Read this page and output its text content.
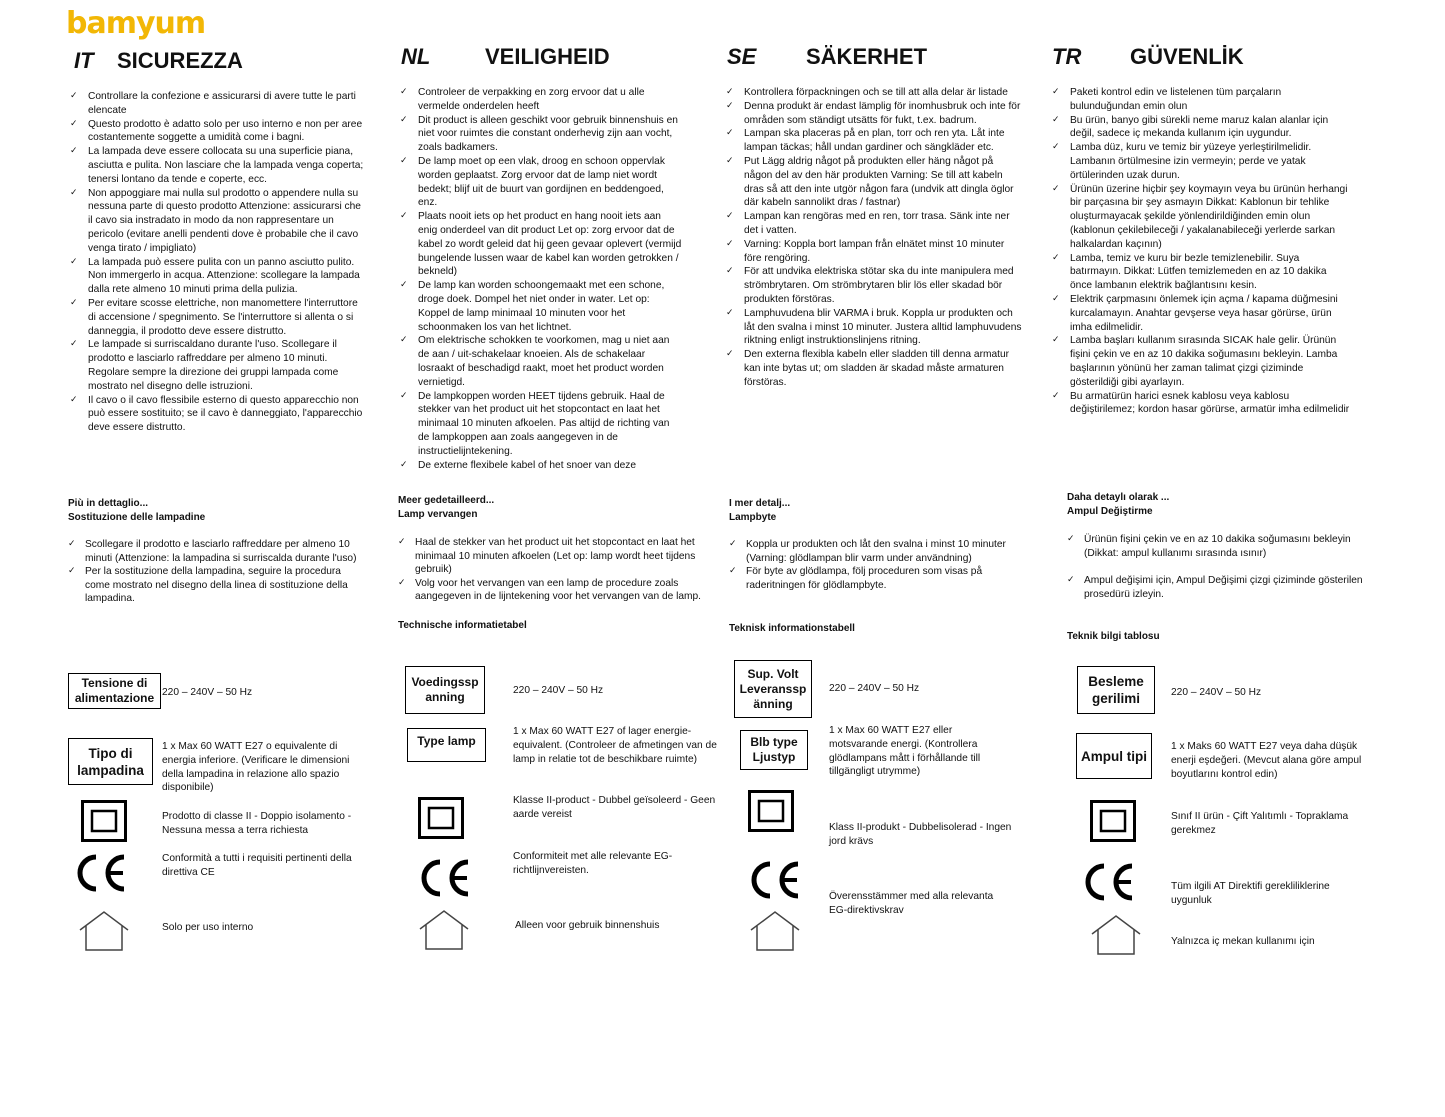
bamyum
IT SICUREZZA
✓ Controllare la confezione e assicurarsi di avere tutte le parti elencate
✓ Questo prodotto è adatto solo per uso interno e non per aree costantemente soggette a umidità come i bagni.
✓ La lampada deve essere collocata su una superficie piana, asciutta e pulita. Non lasciare che la lampada venga coperta; tenersi lontano da tende e coperte, ecc.
✓ Non appoggiare mai nulla sul prodotto o appendere nulla su nessuna parte di questo prodotto Attenzione: assicurarsi che il cavo sia instradato in modo da non rappresentare un pericolo (evitare anelli pendenti dove è probabile che il cavo venga tirato / impigliato)
✓ La lampada può essere pulita con un panno asciutto pulito. Non immergerlo in acqua. Attenzione: scollegare la lampada dalla rete almeno 10 minuti prima della pulizia.
✓ Per evitare scosse elettriche, non manomettere l'interruttore di accensione / spegnimento. Se l'interruttore si allenta o si danneggia, il prodotto deve essere distrutto.
✓ Le lampade si surriscaldano durante l'uso. Scollegare il prodotto e lasciarlo raffreddare per almeno 10 minuti. Regolare sempre la direzione dei gruppi lampada come mostrato nel disegno delle istruzioni.
✓ Il cavo o il cavo flessibile esterno di questo apparecchio non può essere sostituito; se il cavo è danneggiato, l'apparecchio deve essere distrutto.
Più in dettaglio...
Sostituzione delle lampadine
✓ Scollegare il prodotto e lasciarlo raffreddare per almeno 10 minuti (Attenzione: la lampadina si surriscalda durante l'uso)
✓ Per la sostituzione della lampadina, seguire la procedura come mostrato nel disegno della linea di sostituzione della lampadina.
Tensione di alimentazione 220 – 240V – 50 Hz
Tipo di lampadina
1 x Max 60 WATT E27 o equivalente di energia inferiore. (Verificare le dimensioni della lampadina in relazione allo spazio disponibile)
Prodotto di classe II - Doppio isolamento - Nessuna messa a terra richiesta
Conformità a tutti i requisiti pertinenti della direttiva CE
Solo per uso interno
NL VEILIGHEID
✓ Controleer de verpakking en zorg ervoor dat u alle vermelde onderdelen heeft
✓ Dit product is alleen geschikt voor gebruik binnenshuis en niet voor ruimtes die constant onderhevig zijn aan vocht, zoals badkamers.
✓ De lamp moet op een vlak, droog en schoon oppervlak worden geplaatst. Zorg ervoor dat de lamp niet wordt bedekt; blijf uit de buurt van gordijnen en beddengoed, enz.
✓ Plaats nooit iets op het product en hang nooit iets aan enig onderdeel van dit product Let op: zorg ervoor dat de kabel zo wordt geleid dat hij geen gevaar oplevert (vermijd bungelende lussen waar de kabel kan worden getrokken / bekneld)
✓ De lamp kan worden schoongemaakt met een schone, droge doek. Dompel het niet onder in water. Let op: Koppel de lamp minimaal 10 minuten voor het schoonmaken los van het lichtnet.
✓ Om elektrische schokken te voorkomen, mag u niet aan de aan / uit-schakelaar knoeien. Als de schakelaar losraakt of beschadigd raakt, moet het product worden vernietigd.
✓ De lampkoppen worden HEET tijdens gebruik. Haal de stekker van het product uit het stopcontact en laat het minimaal 10 minuten afkoelen. Pas altijd de richting van de lampkoppen aan zoals aangegeven in de instructielijntekening.
✓ De externe flexibele kabel of het snoer van deze
Meer gedetailleerd...
Lamp vervangen
✓ Haal de stekker van het product uit het stopcontact en laat het minimaal 10 minuten afkoelen (Let op: lamp wordt heet tijdens gebruik)
✓ Volg voor het vervangen van een lamp de procedure zoals aangegeven in de lijntekening voor het vervangen van de lamp.
Technische informatietabel
Voedingssp anning	220 – 240V – 50 Hz
Type lamp
1 x Max 60 WATT E27 of lager energie-equivalent. (Controleer de afmetingen van de lamp in relatie tot de beschikbare ruimte)
Klasse II-product - Dubbel geïsoleerd - Geen aarde vereist
Conformiteit met alle relevante EG-richtlijnvereisten.
Alleen voor gebruik binnenshuis
SE SÄKERHET
✓ Kontrollera förpackningen och se till att alla delar är listade
✓ Denna produkt är endast lämplig för inomhusbruk och inte för områden som ständigt utsätts för fukt, t.ex. badrum.
✓ Lampan ska placeras på en plan, torr och ren yta. Låt inte lampan täckas; håll undan gardiner och sängkläder etc.
✓ Put Lägg aldrig något på produkten eller häng något på någon del av den här produkten Varning: Se till att kabeln dras så att den inte utgör någon fara (undvik att dingla öglor där kabeln sannolikt dras / fastnar)
✓ Lampan kan rengöras med en ren, torr trasa. Sänk inte ner det i vatten.
✓ Varning: Koppla bort lampan från elnätet minst 10 minuter före rengöring.
✓ För att undvika elektriska stötar ska du inte manipulera med strömbrytaren. Om strömbrytaren blir lös eller skadad bör produkten förstöras.
✓ Lamphuvudena blir VARMA i bruk. Koppla ur produkten och låt den svalna i minst 10 minuter. Justera alltid lamphuvudens riktning enligt instruktionslinjens ritning.
✓ Den externa flexibla kabeln eller sladden till denna armatur kan inte bytas ut; om sladden är skadad måste armaturen förstöras.
I mer detalj...
Lampbyte
✓ Koppla ur produkten och låt den svalna i minst 10 minuter (Varning: glödlampan blir varm under användning)
✓ För byte av glödlampa, följ proceduren som visas på raderitningen för glödlampbyte.
Teknisk informationstabell
Sup. Volt Leveranssp änning
220 – 240V – 50 Hz
Blb type Ljustyp
1 x Max 60 WATT E27 eller motsvarande energi. (Kontrollera glödlampans mått i förhållande till tillgängligt utrymme)
Klass II-produkt - Dubbelisolerad - Ingen jord krävs
Överensstämmer med alla relevanta EG-direktivskrav
TR GÜVENLİK
✓ Paketi kontrol edin ve listelenen tüm parçaların bulunduğundan emin olun
✓ Bu ürün, banyo gibi sürekli neme maruz kalan alanlar için değil, sadece iç mekanda kullanım için uygundur.
✓ Lamba düz, kuru ve temiz bir yüzeye yerleştirilmelidir. Lambanın örtülmesine izin vermeyin; perde ve yatak örtülerinden uzak durun.
✓ Ürünün üzerine hiçbir şey koymayın veya bu ürünün herhangi bir parçasına bir şey asmayın Dikkat: Kablonun bir tehlike oluşturmayacak şekilde yönlendirildiğinden emin olun (kablonun çekilebileceği / yakalanabileceği yerlerde sarkan halkalardan kaçının)
✓ Lamba, temiz ve kuru bir bezle temizlenebilir. Suya batırmayın. Dikkat: Lütfen temizlemeden en az 10 dakika önce lambanın elektrik bağlantısını kesin.
✓ Elektrik çarpmasını önlemek için açma / kapama düğmesini kurcalamayın. Anahtar gevşerse veya hasar görürse, ürün imha edilmelidir.
✓ Lamba başları kullanım sırasında SICAK hale gelir. Ürünün fişini çekin ve en az 10 dakika soğumasını bekleyin. Lamba başlarının yönünü her zaman talimat çizgi çiziminde gösterildiği gibi ayarlayın.
✓ Bu armatürün harici esnek kablosu veya kablosu değiştirilemez; kordon hasar görürse, armatür imha edilmelidir
Daha detaylı olarak ...
Ampul Değiştirme
✓ Ürünün fişini çekin ve en az 10 dakika soğumasını bekleyin (Dikkat: ampul kullanımı sırasında ısınır)
✓ Ampul değişimi için, Ampul Değişimi çizgi çiziminde gösterilen prosedürü izleyin.
Teknik bilgi tablosu
Besleme gerilimi	220 – 240V – 50 Hz
Ampul tipi
1 x Maks 60 WATT E27 veya daha düşük enerji eşdeğeri. (Mevcut alana göre ampul boyutlarını kontrol edin)
Sınıf II ürün - Çift Yalıtımlı - Topraklama gerekmez
Tüm ilgili AT Direktifi gerekliliklerine uygunluk
Yalnızca iç mekan kullanımı için
